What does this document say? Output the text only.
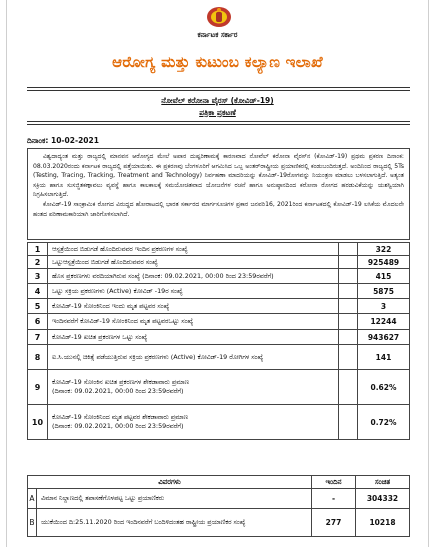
ಕರ್ನಾಟಕ ಸರ್ಕಾರ
ಆರೋಗ್ಯ ಮತ್ತು ಕುಟುಂಬ ಕಲ್ಯಾಣ ಇಲಾಖೆ
ನೋವೆಲ್ ಕರೋನಾ ವೈರಸ್ (ಕೋವಿಡ್-19)
ಪತ್ರಿಕಾ ಪ್ರಕಟಣೆ
ದಿನಾಂಕ: 10-02-2021

ವಿಶ್ವದಾದ್ಯಂತ ಮತ್ತು ರಾಜ್ಯದಲ್ಲಿ ಮಾನವನ ಆರೋಗ್ಯದ ಮೇಲೆ ಅಪಾರ ದುಷ್ಪರಿಣಾಮಕ್ಕೆ ಕಾರಣವಾದ ನೋವೆಲ್ ಕರೋನಾ ವೈರಸ್‌ನ (ಕೋವಿಡ್-19) ಪ್ರಥಮ ಪ್ರಕರಣ ದಿನಾಂಕ: 08.03.2020ರಂದು ಕರ್ನಾಟಕ ರಾಜ್ಯದಲ್ಲಿ ಪತ್ತೆಯಾಯಿತು. ಈ ಪ್ರಕರಣವು ಬೆಂಗಳೂರಿಗೆ ಆಗಮಿಸಿದ ಒಬ್ಬ ಅಂತರ್‌ರಾಷ್ಟ್ರೀಯ ಪ್ರಯಾಣಿಕರಲ್ಲಿ ಕಂಡುಬಂದಿರುತ್ತದೆ. ಅಂದಿನಿಂದ ರಾಜ್ಯದಲ್ಲಿ 5Ts (Testing, Tracing, Tracking, Treatment and Technology) ನಿರ್ವಹಣಾ ಮಾದರಿಯನ್ನು ಕೋವಿಡ್-19ರೋಗವನ್ನು ನಿಯಂತ್ರಣ ಮಾಡಲು ಬಳಸಲಾಗುತ್ತಿದೆ. ಅತ್ಯಂತ ಸಕ್ರಿಯ ಹಾಗೂ ಸುಸಜ್ಜಿತಕಣ್ಗಾವಲು ವ್ಯವಸ್ಥೆ ಹಾಗೂ ಕಾಲಕಾಲಕ್ಕೆ ಸಮಯೋಚಿತವಾದ ಯೋಜನೆಗಳ ರಚನೆ ಹಾಗೂ ಅನುಷ್ಠಾನದಿಂದ ಕರೋನಾ ರೋಗದ ಹರಡುವಿಕೆಯನ್ನು ಯಶಸ್ವಿಯಾಗಿ ನಿಗ್ರಹಿಸಲಾಗುತ್ತಿದೆ.

ಕೋವಿಡ್-19 ಸಾಂಕ್ರಾಮಿಕ ರೋಗದ ವಿರುದ್ಧದ ಹೋರಾಟದಲ್ಲಿ ಭಾರತ ಸರ್ಕಾರದ ಮಾರ್ಗಸೂಚಿಗಳ ಪ್ರಕಾರ ಜನವರಿ16, 2021ರಿಂದ ಕರ್ನಾಟಕದಲ್ಲಿ ಕೋವಿಡ್-19 ಲಸಿಕೆಯ ಮೊದಲನೇ ಹಂತದ ಪರಿಣಾಮಕಾರಿಯಾಗಿ ಜಾರಿಗೊಳಿಸಲಾಗಿದೆ.

1	ಆಸ್ಪತ್ರೆಯಿಂದ ಬಿಡುಗಡೆ ಹೊಂದಿರುವವರ ಇಂದಿನ ಪ್ರಕರಣಗಳ ಸಂಖ್ಯೆ		322
2	ಒಟ್ಟುಆಸ್ಪತ್ರೆಯಿಂದ ಬಿಡುಗಡೆ ಹೊಂದಿರುವವರ ಸಂಖ್ಯೆ		925489
3	ಹೊಸ ಪ್ರಕರಣಗಳು ವರದಿಯಾಗಿರುವ ಸಂಖ್ಯೆ (ದಿನಾಂಕ: 09.02.2021, 00:00 ರಿಂದ 23:59ರವರೆಗೆ)		415
4	ಒಟ್ಟು ಸಕ್ರಿಯ ಪ್ರಕರಣಗಳು (Active) ಕೋವಿಡ್ -19ರ ಸಂಖ್ಯೆ		5875
5	ಕೋವಿಡ್-19 ಸೋಂಕಿನಿಂದ ಇಂದು ಮೃತ ಪಟ್ಟವರ ಸಂಖ್ಯೆ		3
6	ಇಂದಿನವರೆಗೆ ಕೋವಿಡ್-19 ಸೋಂಕಿನಿಂದ ಮೃತ ಪಟ್ಟವರಒಟ್ಟು ಸಂಖ್ಯೆ		12244
7	ಕೋವಿಡ್-19 ಖಚಿತ ಪ್ರಕರಣಗಳ ಒಟ್ಟು ಸಂಖ್ಯೆ		943627
8	ಐ.ಸಿ.ಯುನಲ್ಲಿ ಚಿಕಿತ್ಸೆ ಪಡೆಯುತ್ತಿರುವ ಸಕ್ರಿಯ ಪ್ರಕರಣಗಳು (Active) ಕೋವಿಡ್-19 ರೋಗಿಗಳ ಸಂಖ್ಯೆ		141
9	ಕೋವಿಡ್-19 ಸೋಂಕಿನ ಖಚಿತ ಪ್ರಕರಣಗಳ ಶೇಕಡಾವಾರು ಪ್ರಮಾಣ
(ದಿನಾಂಕ: 09.02.2021, 00:00 ರಿಂದ 23:59ರವರೆಗೆ)		0.62%
10	ಕೋವಿಡ್-19 ಸೋಂಕಿನಿಂದ ಮೃತ ಪಟ್ಟವರ ಶೇಕಡಾವಾರು ಪ್ರಮಾಣ
(ದಿನಾಂಕ: 09.02.2021, 00:00 ರಿಂದ 23:59ರವರೆಗೆ)		0.72%
ವಿವರಗಳು		ಇಂದಿನ	ಸಂಚಿತ
A	ವಿಮಾನ ನಿಲ್ದಾಣದಲ್ಲಿ ತಪಾಸಣೆಗೊಳಪಟ್ಟ ಒಟ್ಟು ಪ್ರಯಾಣಿಕರು	-	304332
B	ಯುಕೆಯಿಂದ ದಿ:25.11.2020 ರಿಂದ ಇಂದಿನವರೆಗೆ ಬಂದಿಳಿದಂತಹ ರಾಷ್ಟ್ರೀಯ ಪ್ರಯಾಣಿಕರ ಸಂಖ್ಯೆ	277	10218
